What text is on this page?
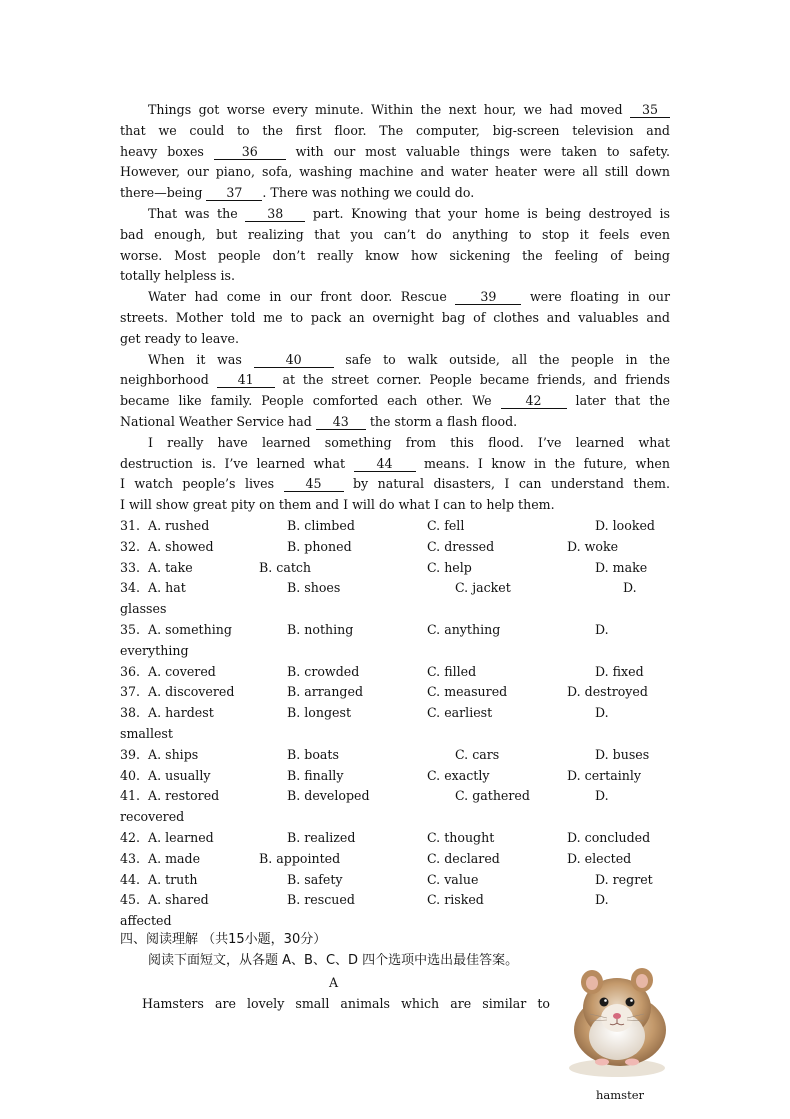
Things got worse every minute. Within the next hour, we had moved 35
that we could to the first floor. The computer, big-screen television and
heavy boxes 36 with our most valuable things were taken to safety.
However, our piano, sofa, washing machine and water heater were all still down
there—being 37 . There was nothing we could do.
That was the 38 part. Knowing that your home is being destroyed is
bad enough, but realizing that you can’t do anything to stop it feels even
worse. Most people don’t really know how sickening the feeling of being
totally helpless is.
Water had come in our front door. Rescue 39 were floating in our
streets. Mother told me to pack an overnight bag of clothes and valuables and
get ready to leave.
When it was	40	safe to walk outside, all the people in the
neighborhood 41 at the street corner. People became friends, and friends
became like family. People comforted each other. We 42 later that the
National Weather Service had 43 the storm a flash flood.
I really have learned something from this flood. I’ve learned what
destruction is. I’ve learned what 44 means. I know in the future, when
I watch people’s lives 45 by natural disasters, I can understand them.
I will show great pity on them and I will do what I can to help them.
31. A. rushed	B. climbed	C. fell	D. looked
32. A. showed	B. phoned	C. dressed	D. woke
33. A. take	B. catch	C. help	D. make
34. A. hat	B. shoes	C. jacket	D.
glasses
35. A. something	B. nothing	C. anything	D.
everything
36. A. covered	B. crowded	C. filled	D. fixed
37. A. discovered	B. arranged	C. measured	D. destroyed
38. A. hardest	B. longest	C. earliest	D.
smallest
39. A. ships	B. boats	C. cars	D. buses
40. A. usually	B. finally	C. exactly	D. certainly
41. A. restored	B. developed	C. gathered	D.
recovered
42. A. learned	B. realized	C. thought	D. concluded
43. A. made	B. appointed	C. declared	D. elected
44. A. truth	B. safety	C. value	D. regret
45. A. shared	B. rescued	C. risked	D.
affected
四、阅读理解 （共15小题，30分）
阅读下面短文，从各题 A、B、C、D 四个选项中选出最佳答案。
A
Hamsters are lovely small animals which are similar to
hamster
